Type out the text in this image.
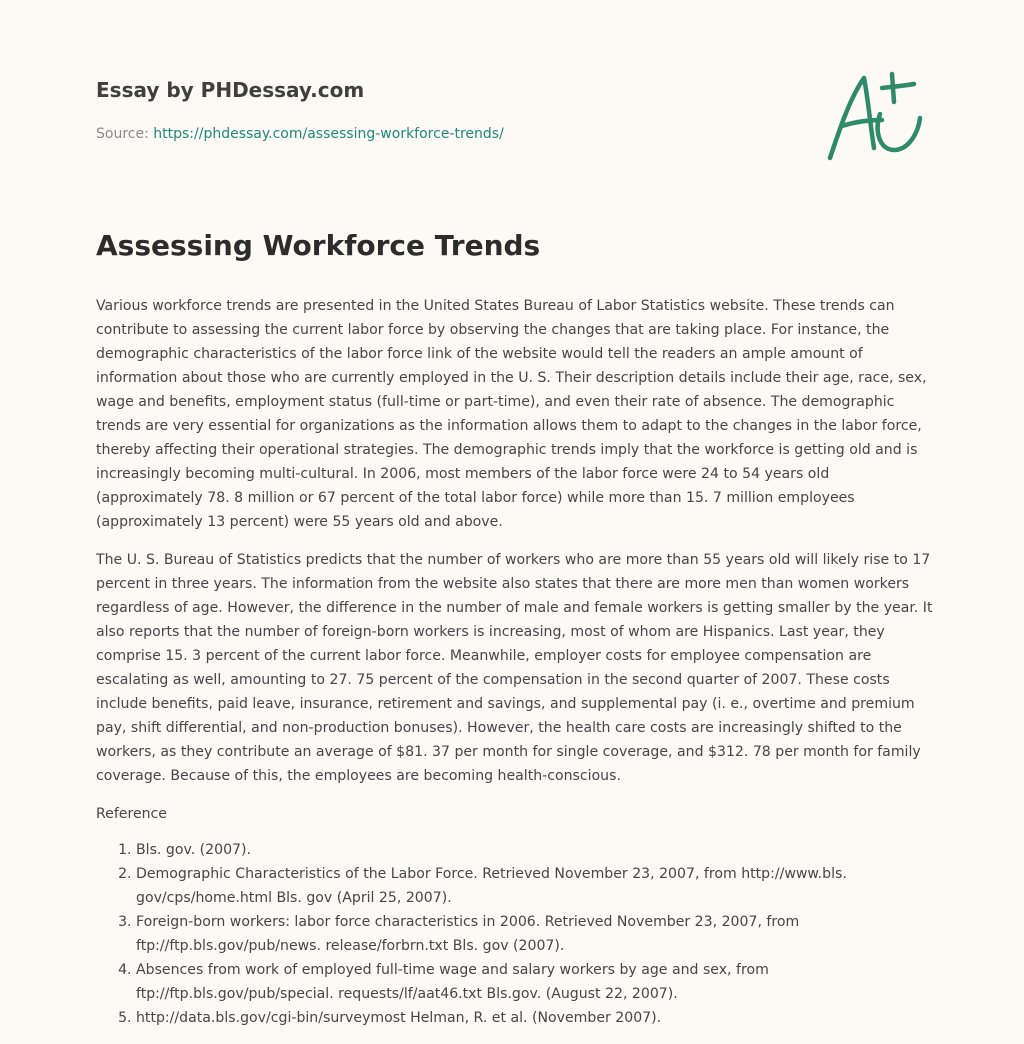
Essay by PHDessay.com
Source: https://phdessay.com/assessing-workforce-trends/
Assessing Workforce Trends

Various workforce trends are presented in the United States Bureau of Labor Statistics website. These trends can contribute to assessing the current labor force by observing the changes that are taking place. For instance, the demographic characteristics of the labor force link of the website would tell the readers an ample amount of information about those who are currently employed in the U. S. Their description details include their age, race, sex, wage and benefits, employment status (full-time or part-time), and even their rate of absence. The demographic trends are very essential for organizations as the information allows them to adapt to the changes in the labor force, thereby affecting their operational strategies. The demographic trends imply that the workforce is getting old and is increasingly becoming multi-cultural. In 2006, most members of the labor force were 24 to 54 years old (approximately 78. 8 million or 67 percent of the total labor force) while more than 15. 7 million employees (approximately 13 percent) were 55 years old and above.

The U. S. Bureau of Statistics predicts that the number of workers who are more than 55 years old will likely rise to 17 percent in three years. The information from the website also states that there are more men than women workers regardless of age. However, the difference in the number of male and female workers is getting smaller by the year. It also reports that the number of foreign-born workers is increasing, most of whom are Hispanics. Last year, they comprise 15. 3 percent of the current labor force. Meanwhile, employer costs for employee compensation are escalating as well, amounting to 27. 75 percent of the compensation in the second quarter of 2007. These costs include benefits, paid leave, insurance, retirement and savings, and supplemental pay (i. e., overtime and premium pay, shift differential, and non-production bonuses). However, the health care costs are increasingly shifted to the workers, as they contribute an average of $81. 37 per month for single coverage, and $312. 78 per month for family coverage. Because of this, the employees are becoming health-conscious.

Reference

1. Bls. gov. (2007).
2. Demographic Characteristics of the Labor Force. Retrieved November 23, 2007, from http://www.bls. gov/cps/home.html Bls. gov (April 25, 2007).
3. Foreign-born workers: labor force characteristics in 2006. Retrieved November 23, 2007, from ftp://ftp.bls.gov/pub/news. release/forbrn.txt Bls. gov (2007).
4. Absences from work of employed full-time wage and salary workers by age and sex, from ftp://ftp.bls.gov/pub/special. requests/lf/aat46.txt Bls.gov. (August 22, 2007).
5. http://data.bls.gov/cgi-bin/surveymost Helman, R. et al. (November 2007).
